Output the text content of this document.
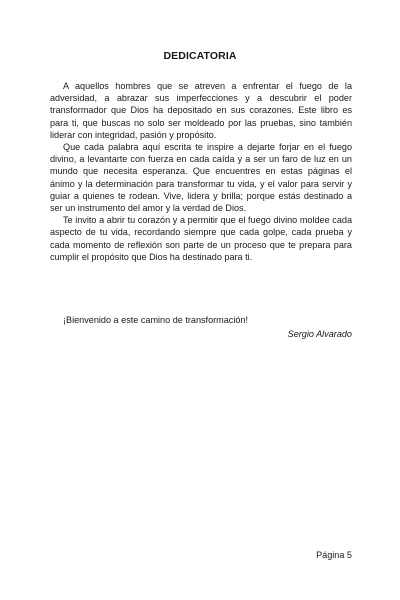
DEDICATORIA

A aquellos hombres que se atreven a enfrentar el fuego de la adversidad, a abrazar sus imperfecciones y a descubrir el poder transformador que Dios ha depositado en sus corazones. Este libro es para ti, que buscas no solo ser moldeado por las pruebas, sino también liderar con integridad, pasión y propósito.

Que cada palabra aquí escrita te inspire a dejarte forjar en el fuego divino, a levantarte con fuerza en cada caída y a ser un faro de luz en un mundo que necesita esperanza. Que encuentres en estas páginas el ánimo y la determinación para transformar tu vida, y el valor para servir y guiar a quienes te rodean. Vive, lidera y brilla; porque estás destinado a ser un instrumento del amor y la verdad de Dios.

Te invito a abrir tu corazón y a permitir que el fuego divino moldee cada aspecto de tu vida, recordando siempre que cada golpe, cada prueba y cada momento de reflexión son parte de un proceso que te prepara para cumplir el propósito que Dios ha destinado para ti.

¡Bienvenido a este camino de transformación!
Sergio Alvarado
Página 5
